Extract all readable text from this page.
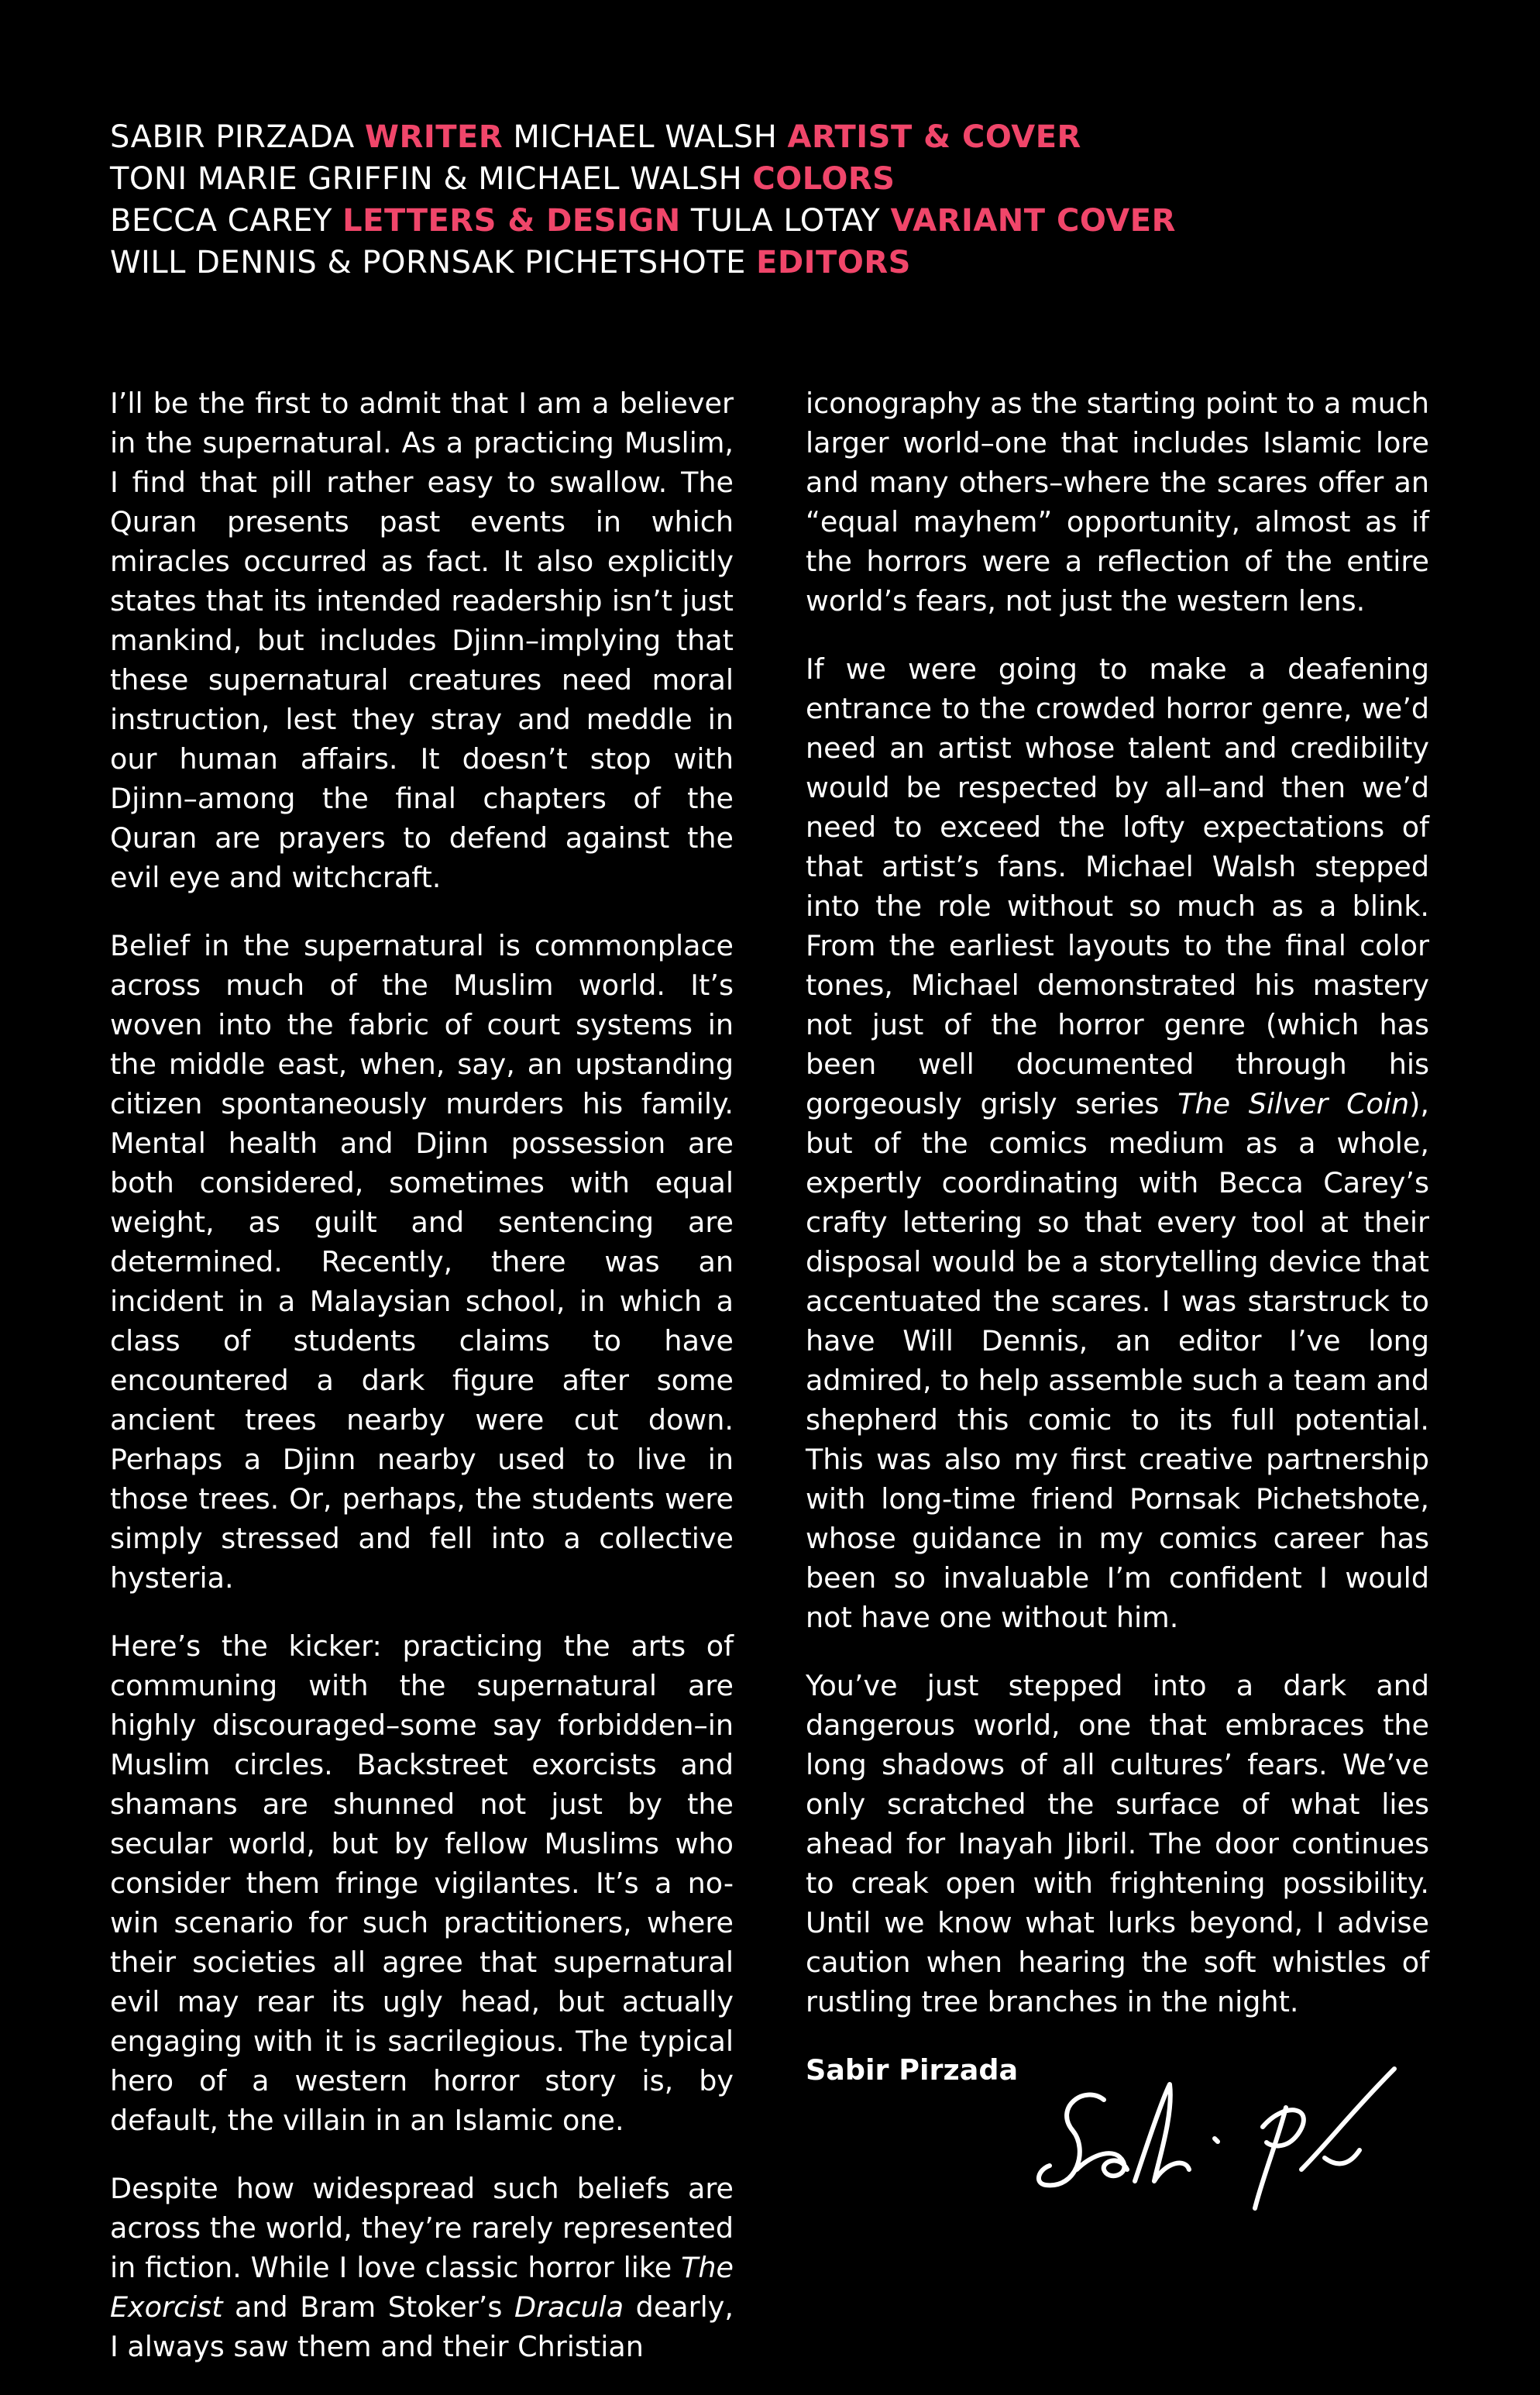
SABIR PIRZADA WRITER MICHAEL WALSH ARTIST & COVER
TONI MARIE GRIFFIN & MICHAEL WALSH COLORS
BECCA CAREY LETTERS & DESIGN TULA LOTAY VARIANT COVER
WILL DENNIS & PORNSAK PICHETSHOTE EDITORS

I’ll be the first to admit that I am a believer in the supernatural. As a practicing Muslim, I find that pill rather easy to swallow. The Quran presents past events in which miracles occurred as fact. It also explicitly states that its intended readership isn’t just mankind, but includes Djinn–implying that these supernatural creatures need moral instruction, lest they stray and meddle in our human affairs. It doesn’t stop with Djinn–among the final chapters of the Quran are prayers to defend against the evil eye and witchcraft.

Belief in the supernatural is commonplace across much of the Muslim world. It’s woven into the fabric of court systems in the middle east, when, say, an upstanding citizen spontaneously murders his family. Mental health and Djinn possession are both considered, sometimes with equal weight, as guilt and sentencing are determined. Recently, there was an incident in a Malaysian school, in which a class of students claims to have encountered a dark figure after some ancient trees nearby were cut down. Perhaps a Djinn nearby used to live in those trees. Or, perhaps, the students were simply stressed and fell into a collective hysteria.

Here’s the kicker: practicing the arts of communing with the supernatural are highly discouraged–some say forbidden–in Muslim circles. Backstreet exorcists and shamans are shunned not just by the secular world, but by fellow Muslims who consider them fringe vigilantes. It’s a no-win scenario for such practitioners, where their societies all agree that supernatural evil may rear its ugly head, but actually engaging with it is sacrilegious. The typical hero of a western horror story is, by default, the villain in an Islamic one.

Despite how widespread such beliefs are across the world, they’re rarely represented in fiction. While I love classic horror like The Exorcist and Bram Stoker’s Dracula dearly, I always saw them and their Christian

iconography as the starting point to a much larger world–one that includes Islamic lore and many others–where the scares offer an “equal mayhem” opportunity, almost as if the horrors were a reflection of the entire world’s fears, not just the western lens.

If we were going to make a deafening entrance to the crowded horror genre, we’d need an artist whose talent and credibility would be respected by all–and then we’d need to exceed the lofty expectations of that artist’s fans. Michael Walsh stepped into the role without so much as a blink. From the earliest layouts to the final color tones, Michael demonstrated his mastery not just of the horror genre (which has been well documented through his gorgeously grisly series The Silver Coin), but of the comics medium as a whole, expertly coordinating with Becca Carey’s crafty lettering so that every tool at their disposal would be a storytelling device that accentuated the scares. I was starstruck to have Will Dennis, an editor I’ve long admired, to help assemble such a team and shepherd this comic to its full potential. This was also my first creative partnership with long-time friend Pornsak Pichetshote, whose guidance in my comics career has been so invaluable I’m confident I would not have one without him.

You’ve just stepped into a dark and dangerous world, one that embraces the long shadows of all cultures’ fears. We’ve only scratched the surface of what lies ahead for Inayah Jibril. The door continues to creak open with frightening possibility. Until we know what lurks beyond, I advise caution when hearing the soft whistles of rustling tree branches in the night.

Sabir Pirzada
